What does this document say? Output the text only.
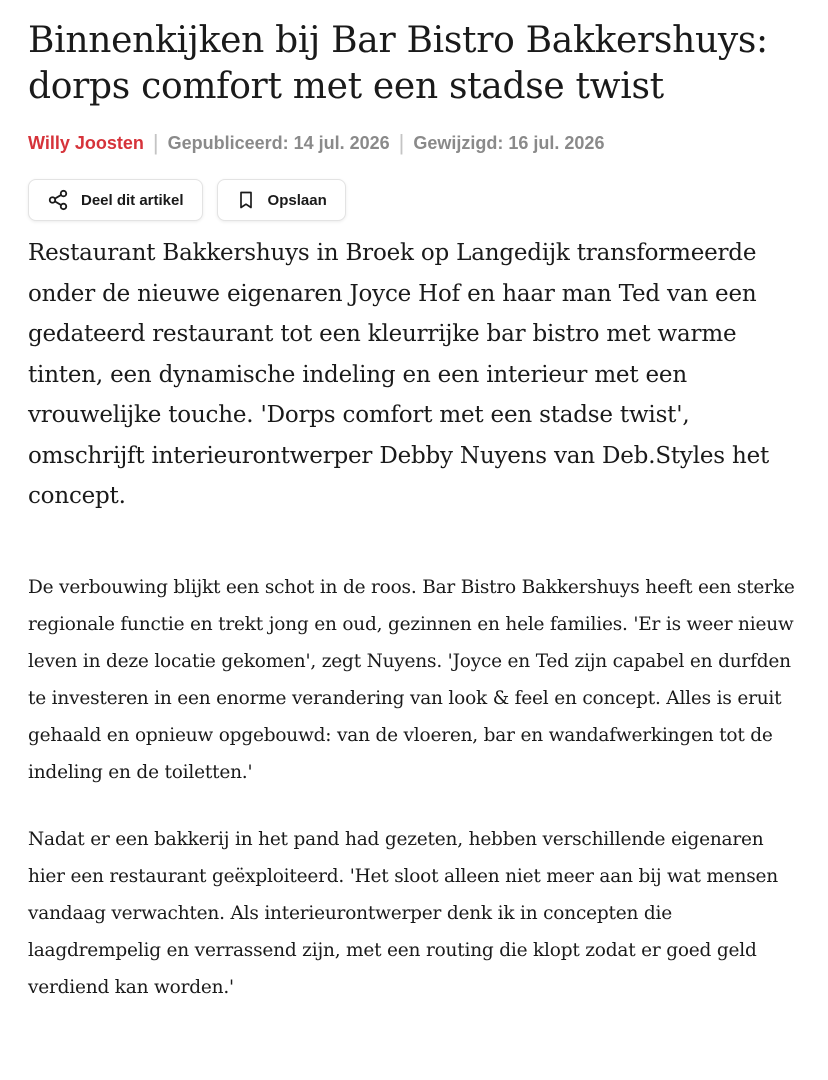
Binnenkijken bij Bar Bistro Bakkershuys:
dorps comfort met een stadse twist
Willy Joosten | Gepubliceerd: 14 jul. 2026 | Gewijzigd: 16 jul. 2026
Deel dit artikel	Opslaan

Restaurant Bakkershuys in Broek op Langedijk transformeerde onder de nieuwe eigenaren Joyce Hof en haar man Ted van een gedateerd restaurant tot een kleurrijke bar bistro met warme tinten, een dynamische indeling en een interieur met een vrouwelijke touche. 'Dorps comfort met een stadse twist', omschrijft interieurontwerper Debby Nuyens van Deb.Styles het concept.

De verbouwing blijkt een schot in de roos. Bar Bistro Bakkershuys heeft een sterke regionale functie en trekt jong en oud, gezinnen en hele families. 'Er is weer nieuw leven in deze locatie gekomen', zegt Nuyens. 'Joyce en Ted zijn capabel en durfden te investeren in een enorme verandering van look & feel en concept. Alles is eruit gehaald en opnieuw opgebouwd: van de vloeren, bar en wandafwerkingen tot de indeling en de toiletten.'

Nadat er een bakkerij in het pand had gezeten, hebben verschillende eigenaren hier een restaurant geëxploiteerd. 'Het sloot alleen niet meer aan bij wat mensen vandaag verwachten. Als interieurontwerper denk ik in concepten die laagdrempelig en verrassend zijn, met een routing die klopt zodat er goed geld verdiend kan worden.'
